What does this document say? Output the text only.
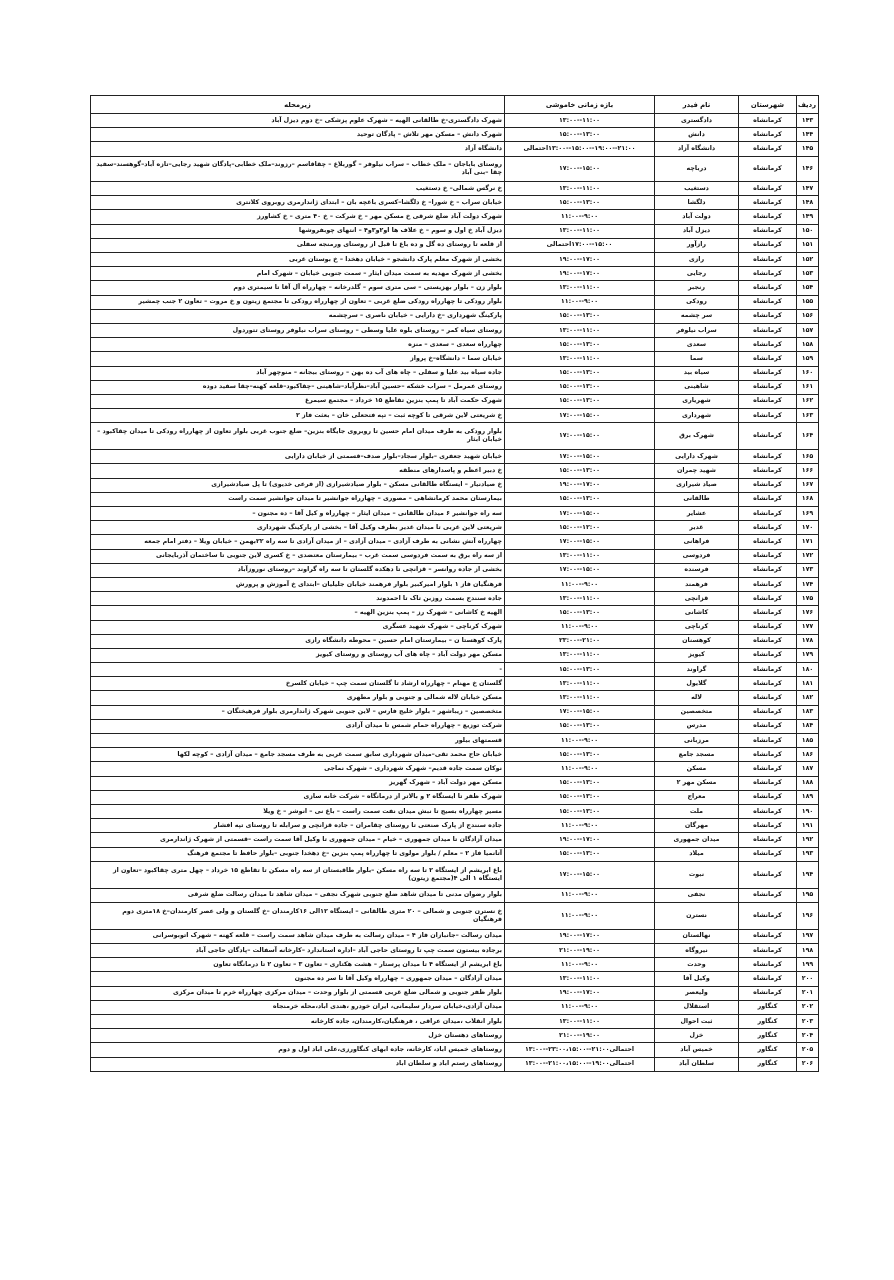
ردیف	شهرستان	نام فیدر	بازه زمانی خاموشی	زیرمحله
۱۴۳	کرمانشاه	دادگستری	۱۱:۰۰--۱۳:۰۰	شهرک دادگستری-خ طالقانی الهیه – شهرک علوم پزشکی –خ دوم دیزل آباد
۱۴۴	کرمانشاه	دانش	۱۳:۰۰--۱۵:۰۰	شهرک دانش – مسکن مهر تلاش – پادگان توحید
۱۴۵	کرمانشاه	دانشگاه آزاد	۲۱:۰۰--۱۹:۰۰--۱۵:۰۰--۱۳:۰۰احتمالی	دانشگاه آزاد
۱۴۶	کرمانشاه	درباچه	۱۵:۰۰--۱۷:۰۰	روستای باباجان – ملک خطاب – سراب نیلوفر – گوربلاغ – چقاقاسم –رزوند–ملک خطابی–پادگان شهید رجایی–تازه آباد–گوهسند–سفید چقا –بنی آباد
۱۴۷	کرمانشاه	دستغیب	۱۱:۰۰--۱۳:۰۰	خ نرگس شمالی– خ دستغیب
۱۴۸	کرمانشاه	دلگشا	۱۳:۰۰--۱۵:۰۰	خیابان سراب – خ شورا– خ دلگشا–کسری باغچه بان – ابتدای ژاندارمری روبروی کلانتری
۱۴۹	کرمانشاه	دولت آباد	۹:۰۰--۱۱:۰۰	شهرک دولت آباد ضلع شرقی خ مسکن مهر – خ شرکت – خ ۴۰ متری – خ کشاورز
۱۵۰	کرمانشاه	دیزل آباد	۱۱:۰۰--۱۳:۰۰	دیزل آباد خ اول و سوم – خ علاف ها او۲و۳و۴ – انتهای چوبفروشها
۱۵۱	کرمانشاه	رازآور	۱۵:۰۰--۱۷:۰۰احتمالی	از قلعه تا روستای ده گل و ده باغ تا قبل از روستای ورمنجه سفلی
۱۵۲	کرمانشاه	رازی	۱۷:۰۰--۱۹:۰۰	بخشی از شهرک معلم پارک دانشجو – خیابان دهخدا – خ بوستان غربی
۱۵۳	کرمانشاه	رجایی	۱۷:۰۰--۱۹:۰۰	بخشی از شهرک مهدیه به سمت میدان ایثار – سمت جنوبی خیابان – شهرک امام
۱۵۴	کرمانشاه	رنجبر	۱۱:۰۰--۱۳:۰۰	بلوار زن – بلوار بهزیستی – سی متری سوم – گلدرخانه – چهارراه آل آقا تا سیمتری دوم
۱۵۵	کرمانشاه	رودکی	۹:۰۰--۱۱:۰۰	بلوار رودکی تا چهارراه رودکی ضلع غربی – تعاون از چهارراه رودکی تا مجتمع زیتون و خ مروت – تعاون ۲ جنب چمشیر
۱۵۶	کرمانشاه	سر چشمه	۱۳:۰۰--۱۵:۰۰	پارکینگ شهرداری –خ دارایی – خیابان ناصری – سرچشمه
۱۵۷	کرمانشاه	سراب نیلوفر	۱۱:۰۰--۱۳:۰۰	روستای سیاه کمر – روستای بلوه علیا وسطی – روستای سراب نیلوفر روستای تتوردول
۱۵۸	کرمانشاه	سعدی	۱۳:۰۰--۱۵:۰۰	چهارراه سعدی – سعدی – منزه
۱۵۹	کرمانشاه	سما	۱۱:۰۰--۱۳:۰۰	خیابان سما – دانشگاه–خ پرواز
۱۶۰	کرمانشاه	سیاه بید	۱۳:۰۰--۱۵:۰۰	جاده سیاه بید علیا و سفلی – چاه های آب ده بهن – روستای بیجانه – منوچهر آباد
۱۶۱	کرمانشاه	شاهینی	۱۳:۰۰--۱۵:۰۰	روستای عمرمل – سراب خشکه –حسین آباد–نظرآباد–شاهینی –چقاکبود–قلعه کهنه–چقا سفید دوده
۱۶۲	کرمانشاه	شهریاری	۱۳:۰۰--۱۵:۰۰	شهرک حکمت آباد تا پمپ بنزین تقاطع ۱۵ خرداد – مجتمع سیمرغ
۱۶۳	کرمانشاه	شهرداری	۱۵:۰۰--۱۷:۰۰	خ شریعتی لاین شرقی تا کوچه ثبت – تپه فتحعلی خان – بعثت فاز ۲
۱۶۴	کرمانشاه	شهرک برق	۱۵:۰۰--۱۷:۰۰	بلوار رودکی به طرف میدان امام حسین تا روبروی جایگاه بنزین– ضلع جنوب غربی بلوار تعاون از چهارراه رودکی تا میدان چقاکبود – خیابان ابثار
۱۶۵	کرمانشاه	شهرک دارایی	۱۵:۰۰--۱۷:۰۰	خیابان شهید جعفری –بلوار سجاد–بلوار صدف–قسمتی از خیابان دارایی
۱۶۶	کرمانشاه	شهید چمران	۱۳:۰۰--۱۵:۰۰	خ دبیر اعظم و پاسدارهای منطقه
۱۶۷	کرمانشاه	صیاد شیرازی	۱۷:۰۰--۱۹:۰۰	خ صیادنیار – ایستگاه طالقانی مسکن – بلوار صیادشیرازی (از فرعی خدیوی) تا پل صیادشیرازی
۱۶۸	کرمانشاه	طالقانی	۱۳:۰۰--۱۵:۰۰	بیمارستان محمد کرمانشاهی – مصوری – چهارراه جوانشیر تا میدان جوانشیر سمت راست
۱۶۹	کرمانشاه	عشایر	۱۵:۰۰--۱۷:۰۰	سه راه جوانشیر ۶ میدان طالقانی – میدان ایثار – چهارراه و کیل آقا – ده مجنون –
۱۷۰	کرمانشاه	غدیر	۱۲:۰۰--۱۵:۰۰	شریعتی لاین غربی تا میدان غدیر بطرف وکیل آقا – بخشی از پارکینگ شهرداری
۱۷۱	کرمانشاه	فراهانی	۱۵:۰۰--۱۷:۰۰	چهارراه آتش نشانی به طرف آزادی – میدان آزادی – از میدان آزادی تا سه راه ۲۲بهمن – خیابان ویلا – دفتر امام جمعه
۱۷۲	کرمانشاه	فردوسی	۱۱:۰۰--۱۳:۰۰	از سه راه برق به سمت فردوسی سمت غرب – بیمارستان معتضدی – خ کسری لاین جنوبی تا ساختمان آذربایجانی
۱۷۳	کرمانشاه	فرسنده	۱۵:۰۰--۱۷:۰۰	بخشی از جاده روانسر – قزانچی تا دهکده گلستان تا سه راه گراوند –روستای نوروزآباد
۱۷۴	کرمانشاه	فرهمند	۹:۰۰--۱۱:۰۰	فرهنگیان فاز ۱ بلوار امیرکبیر بلوار فرهمند خیابان جلیلیان –ابتدای خ آموزش و پرورش
۱۷۵	کرمانشاه	قزانچی	۱۱:۰۰--۱۳:۰۰	جاده سنندج بسمت روزبن تاک تا احمدوند
۱۷۶	کرمانشاه	کاشانی	۱۳:۰۰--۱۵:۰۰	الهیه خ کاشانی – شهرک رز – پمپ بنزین الهیه –
۱۷۷	کرمانشاه	کرناچی	۹:۰۰--۱۱:۰۰	شهرک کرناچی – شهرک شهید عسگری
۱۷۸	کرمانشاه	کوهسنان	۲۱:۰۰--۲۳:۰۰	پارک کوهستا ن – بیمارستان امام حسین – محوطه دانشگاه رازی
۱۷۹	کرمانشاه	کیویز	۱۱:۰۰--۱۳:۰۰	مسکن مهر دولت آباد – چاه های آب روستای و روستای کیویز
۱۸۰	کرمانشاه	گراوند	۱۳:۰۰--۱۵:۰۰	-
۱۸۱	کرمانشاه	گلایول	۱۱:۰۰--۱۳:۰۰	گلستان خ مهنام – چهارراه ارشاد تا گلستان سمت چپ – خیابان کلسرخ
۱۸۲	کرمانشاه	لاله	۱۱:۰۰--۱۳:۰۰	مسکن خیابان لاله شمالی و جنوبی و بلوار مطهری
۱۸۳	کرمانشاه	متخصصین	۱۵:۰۰--۱۷:۰۰	متخصصین – زیباشهر – بلوار خلیج فارس – لاین جنوبی شهرک ژاندارمری بلوار فرهیختگان –
۱۸۴	کرمانشاه	مدرس	۱۳:۰۰--۱۵:۰۰	شرکت توزیع – چهارراه حمام شمس تا میدان آزادی
۱۸۵	کرمانشاه	مرزبانی	۹:۰۰--۱۱:۰۰	قسمتهای بیلور
۱۸۶	کرمانشاه	مسجد جامع	۱۳:۰۰--۱۵:۰۰	خیابان حاج محمد تقی–میدان شهرداری سابق سمت غربی به طرف مسجد جامع – میدان آزادی – کوچه لکها
۱۸۷	کرمانشاه	مسکن	۹:۰۰--۱۱:۰۰	نوکان سمت جاده قدیم– شهرک شهرداری – شهرک نماجی
۱۸۸	کرمانشاه	مسکن مهر ۲	۱۳:۰۰--۱۵:۰۰	مسکن مهر دولت آباد – شهرک گهریز
۱۸۹	کرمانشاه	معراج	۱۳:۰۰--۱۵:۰۰	شهرک ظفر تا ایستگاه ۲ و بالاتر از درمانگاه – شرکت خانه سازی
۱۹۰	کرمانشاه	ملت	۱۳:۰۰--۱۵:۰۰	مسیر چهارراه بسیج تا نبش میدان نفت سمت راست – باغ نی – انوشر – خ ویلا
۱۹۱	کرمانشاه	مهرگان	۹:۰۰--۱۱:۰۰	جاده سنندج از پارک صنعتی تا روستای چقامران – جاده قزانچی و سرابله تا روستای تپه افشار
۱۹۲	کرمانشاه	میدان جمهوری	۱۷:۰۰--۱۹:۰۰	میدان آزادگان تا میدان جمهوری – خیام – میدان جمهوری تا وکیل آقا سمت راست –قسمتی از شهرک ژاندارمری
۱۹۳	کرمانشاه	میلاد	۱۳:۰۰--۱۵:۰۰	آتانمیا فاز ۲ – معلم / بلوار مولوی تا چهارراه پمپ بنزین –خ دهخدا جنوبی –بلوار حافظ تا مجتمع فرهنگ
۱۹۴	کرمانشاه	نبوت	۱۵:۰۰--۱۷:۰۰	باغ ابریشم از ایستگاه ۲ تا سه راه مسکن –بلوار طاقبستان از سه راه مسکن تا تقاطع ۱۵ خرداد – چهل متری چقاکبود –تعاون از ایستگاه ۱ الی ۴(مجتمع زیتون)
۱۹۵	کرمانشاه	نجفی	۹:۰۰--۱۱:۰۰	بلوار رضوان مدنی تا میدان شاهد ضلع جنوبی شهرک نجفی – میدان شاهد تا میدان رسالت ضلع شرقی
۱۹۶	کرمانشاه	نسترن	۹:۰۰--۱۱:۰۰	خ نسترن جنوبی و شمالی – ۲۰ متری طالقانی – ایستگاه ۱۲الی ۱۶کارمندان –خ گلستان و ولی عصر کارمندان–خ ۱۸متری دوم فرهنگیان
۱۹۷	کرمانشاه	نهالستان	۱۷:۰۰--۱۹:۰۰	میدان رسالت –جانبازان فاز ۴ – میدان رسالت به طرف میدان شاهد سمت راست – قلعه کهنه – شهرک اتوبوسرانی
۱۹۸	کرمانشاه	نیروگاه	۱۹:۰۰--۲۱:۰۰	برجاده بیستون سمت چپ تا روستای حاجی آباد –اداره استاندارد –کارخانه آسفالت –پادگان حاجی آباد
۱۹۹	کرمانشاه	وحدت	۹:۰۰--۱۱:۰۰	باغ ابریشم از ایستگاه ۴ تا میدان پرستار – هشت هکتاری – تعاون ۳ – تعاون ۲ تا درمانگاه تعاون
۲۰۰	کرمانشاه	وکیل آقا	۱۱:۰۰--۱۳:۰۰	میدان آزادگان – میدان جمهوری – چهارراه وکیل آقا تا سر ده مجنون
۲۰۱	کرمانشاه	ولیعصر	۱۷:۰۰--۱۹:۰۰	بلوار ظفر جنوبی و شمالی ضلع غربی قسمتی از بلوار وحدت – میدان مرکزی چهارراه خرم تا میدان مرکزی
۲۰۲	کنگاور	استقلال	۹:۰۰--۱۱:۰۰	میدان آزادی،خیابان سردار سلیمانی، ایران خودرو ،هندی اباد،محله خرمنجاه
۲۰۳	کنگاور	ثبت احوال	۱۱:۰۰--۱۳:۰۰	بلوار انقلاب ،میدان عراقی ، فرهنگیان،کارمندان، جاده کارخانه
۲۰۴	کنگاور	خزل	۱۹:۰۰--۲۱:۰۰	روستاهای دهستان خزل
۲۰۵	کنگاور	خمیس آباد	احتمالی۲۱:۰۰--۲۳:۰۰،۱۵:۰۰--۱۳:۰۰	روستاهای خمیس اباد، کارخانه، جاده ابهای کنگاورزی،علی اباد اول و دوم
۲۰۶	کنگاور	سلطان آباد	احتمالی۱۹:۰۰--۲۱:۰۰،۱۵:۰۰--۱۳:۰۰	روستاهای رستم اباد و سلطان اباد
